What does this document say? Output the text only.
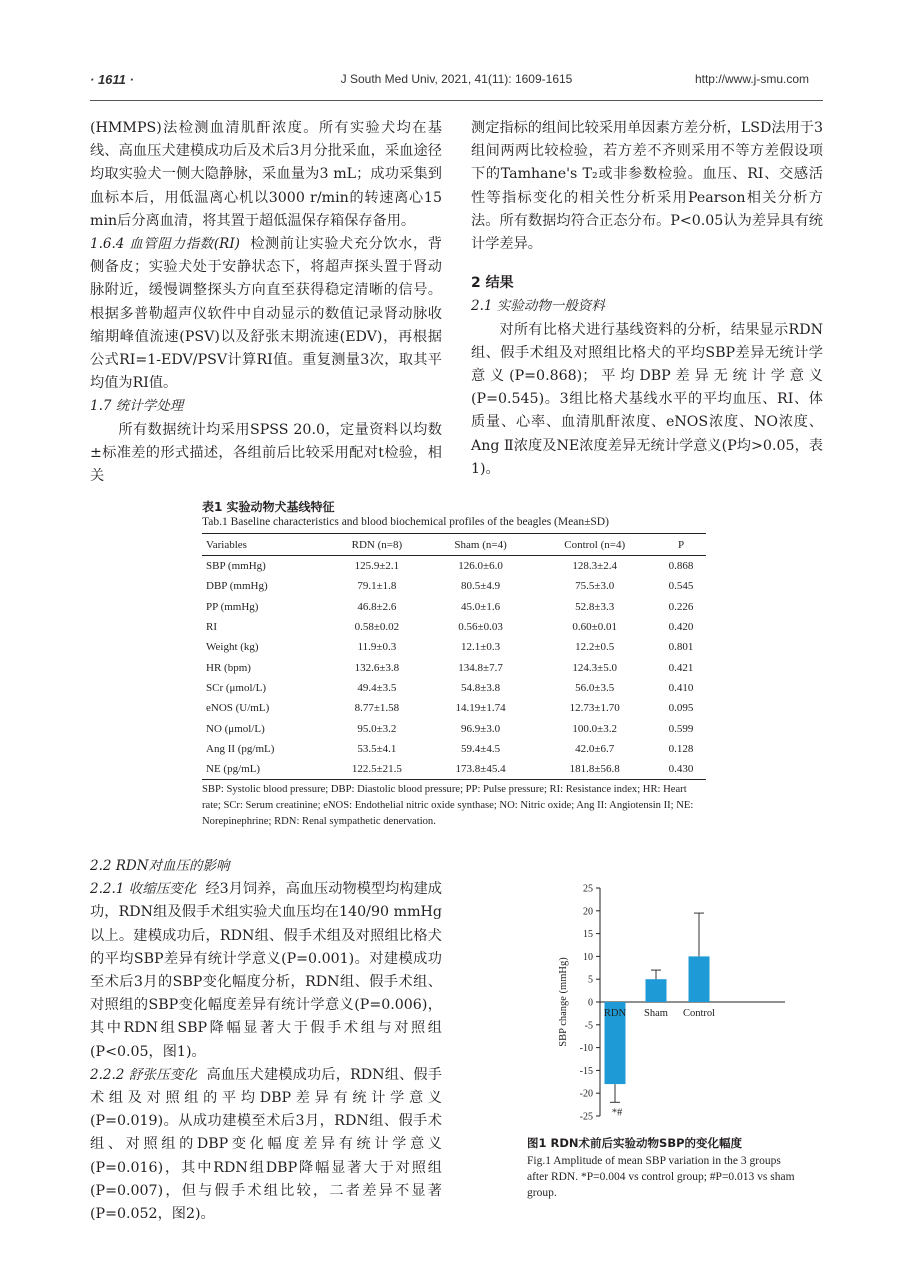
· 1611 ·	J South Med Univ, 2021, 41(11): 1609-1615	http://www.j-smu.com

(HMMPS)法检测血清肌酐浓度。所有实验犬均在基线、高血压犬建模成功后及术后3月分批采血，采血途径均取实验犬一侧大隐静脉，采血量为3 mL；成功采集到血标本后，用低温离心机以3000 r/min的转速离心15 min后分离血清，将其置于超低温保存箱保存备用。

1.6.4 血管阻力指数(RI) 检测前让实验犬充分饮水，背侧备皮；实验犬处于安静状态下，将超声探头置于肾动脉附近，缓慢调整探头方向直至获得稳定清晰的信号。根据多普勒超声仪软件中自动显示的数值记录肾动脉收缩期峰值流速(PSV)以及舒张末期流速(EDV)，再根据公式RI=1-EDV/PSV计算RI值。重复测量3次，取其平均值为RI值。

1.7 统计学处理

所有数据统计均采用SPSS 20.0，定量资料以均数±标准差的形式描述，各组前后比较采用配对t检验，相关

测定指标的组间比较采用单因素方差分析，LSD法用于3组间两两比较检验，若方差不齐则采用不等方差假设项下的Tamhane's T₂或非参数检验。血压、RI、交感活性等指标变化的相关性分析采用Pearson相关分析方法。所有数据均符合正态分布。P<0.05认为差异具有统计学差异。

2 结果

2.1 实验动物一般资料

对所有比格犬进行基线资料的分析，结果显示RDN组、假手术组及对照组比格犬的平均SBP差异无统计学意义(P=0.868)；平均DBP差异无统计学意义(P=0.545)。3组比格犬基线水平的平均血压、RI、体质量、心率、血清肌酐浓度、eNOS浓度、NO浓度、Ang Ⅱ浓度及NE浓度差异无统计学意义(P均>0.05，表1)。

表1 实验动物犬基线特征
Tab.1 Baseline characteristics and blood biochemical profiles of the beagles (Mean±SD)
Variables	RDN (n=8)	Sham (n=4)	Control (n=4)	P
SBP (mmHg)	125.9±2.1	126.0±6.0	128.3±2.4	0.868
DBP (mmHg)	79.1±1.8	80.5±4.9	75.5±3.0	0.545
PP (mmHg)	46.8±2.6	45.0±1.6	52.8±3.3	0.226
RI	0.58±0.02	0.56±0.03	0.60±0.01	0.420
Weight (kg)	11.9±0.3	12.1±0.3	12.2±0.5	0.801
HR (bpm)	132.6±3.8	134.8±7.7	124.3±5.0	0.421
SCr (μmol/L)	49.4±3.5	54.8±3.8	56.0±3.5	0.410
eNOS (U/mL)	8.77±1.58	14.19±1.74	12.73±1.70	0.095
NO (μmol/L)	95.0±3.2	96.9±3.0	100.0±3.2	0.599
Ang II (pg/mL)	53.5±4.1	59.4±4.5	42.0±6.7	0.128
NE (pg/mL)	122.5±21.5	173.8±45.4	181.8±56.8	0.430
SBP: Systolic blood pressure; DBP: Diastolic blood pressure; PP: Pulse pressure; RI: Resistance index; HR: Heart rate; SCr: Serum creatinine; eNOS: Endothelial nitric oxide synthase; NO: Nitric oxide; Ang II: Angiotensin II; NE: Norepinephrine; RDN: Renal sympathetic denervation.

2.2 RDN对血压的影响

2.2.1 收缩压变化 经3月饲养，高血压动物模型均构建成功，RDN组及假手术组实验犬血压均在140/90 mmHg以上。建模成功后，RDN组、假手术组及对照组比格犬的平均SBP差异有统计学意义(P=0.001)。对建模成功至术后3月的SBP变化幅度分析，RDN组、假手术组、对照组的SBP变化幅度差异有统计学意义(P=0.006)，其中RDN组SBP降幅显著大于假手术组与对照组(P<0.05，图1)。

2.2.2 舒张压变化 高血压犬建模成功后，RDN组、假手术组及对照组的平均DBP差异有统计学意义(P=0.019)。从成功建模至术后3月，RDN组、假手术组、对照组的DBP变化幅度差异有统计学意义(P=0.016)，其中RDN组DBP降幅显著大于对照组(P=0.007)，但与假手术组比较，二者差异不显著(P=0.052，图2)。

25
20
15
10
5
0
-5
-10
-15
-20
-25
SBP change (mmHg)	RDN
*#
Sham Control
图1 RDN术前后实验动物SBP的变化幅度
Fig.1 Amplitude of mean SBP variation in the 3 groups after RDN. *P=0.004 vs control group; #P=0.013 vs sham group.
